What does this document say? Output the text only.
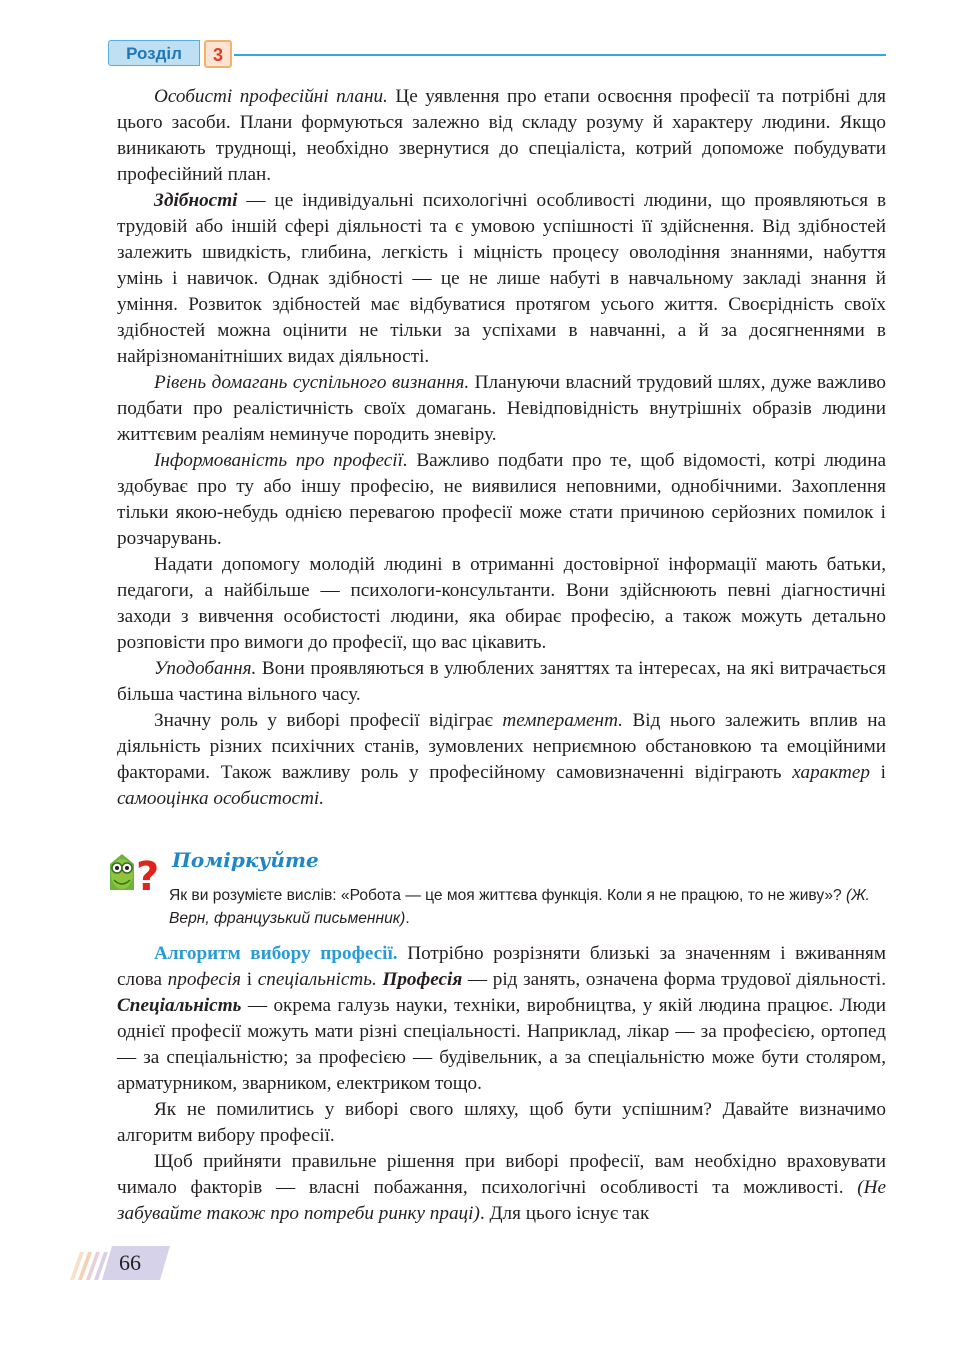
Розділ	3

Особисті професійні плани. Це уявлення про етапи освоєння професії та потрібні для цього засоби. Плани формуються залежно від складу розуму й характеру людини. Якщо виникають труднощі, необхідно звернутися до спеціаліста, котрий допоможе побудувати професійний план.

Здібності — це індивідуальні психологічні особливості людини, що проявляються в трудовій або іншій сфері діяльності та є умовою успішності її здійснення. Від здібностей залежить швидкість, глибина, легкість і міцність процесу оволодіння знаннями, набуття умінь і навичок. Однак здібності — це не лише набуті в навчальному закладі знання й уміння. Розвиток здібностей має відбуватися протягом усього життя. Своєрідність своїх здібностей можна оцінити не тільки за успіхами в навчанні, а й за досягненнями в найрізноманітніших видах діяльності.

Рівень домагань суспільного визнання. Плануючи власний трудовий шлях, дуже важливо подбати про реалістичність своїх домагань. Невідповідність внутрішніх образів людини життєвим реаліям неминуче породить зневіру.

Інформованість про професії. Важливо подбати про те, щоб відомості, котрі людина здобуває про ту або іншу професію, не виявилися неповними, однобічними. Захоплення тільки якою-небудь однією перевагою професії може стати причиною серйозних помилок і розчарувань.

Надати допомогу молодій людині в отриманні достовірної інформації мають батьки, педагоги, а найбільше — психологи-консультанти. Вони здійснюють певні діагностичні заходи з вивчення особистості людини, яка обирає професію, а також можуть детально розповісти про вимоги до професії, що вас цікавить.

Уподобання. Вони проявляються в улюблених заняттях та інтересах, на які витрачається більша частина вільного часу.

Значну роль у виборі професії відіграє темперамент. Від нього залежить вплив на діяльність різних психічних станів, зумовлених неприємною обстановкою та емоційними факторами. Також важливу роль у професійному самовизначенні відіграють характер і самооцінка особистості.

? Поміркуйте
Як ви розумієте вислів: «Робота — це моя життєва функція. Коли я не працюю, то не живу»? (Ж. Верн, французький письменник).

Алгоритм вибору професії. Потрібно розрізняти близькі за значенням і вживанням слова професія і спеціальність. Професія — рід занять, означена форма трудової діяльності. Спеціальність — окрема галузь науки, техніки, виробництва, у якій людина працює. Люди однієї професії можуть мати різні спеціальності. Наприклад, лікар — за професією, ортопед — за спеціальністю; за професією — будівельник, а за спеціальністю може бути столяром, арматурником, зварником, електриком тощо.

Як не помилитись у виборі свого шляху, щоб бути успішним? Давайте визначимо алгоритм вибору професії.

Щоб прийняти правильне рішення при виборі професії, вам необхідно враховувати чимало факторів — власні побажання, психологічні особливості та можливості. (Не забувайте також про потреби ринку праці). Для цього існує так

66
